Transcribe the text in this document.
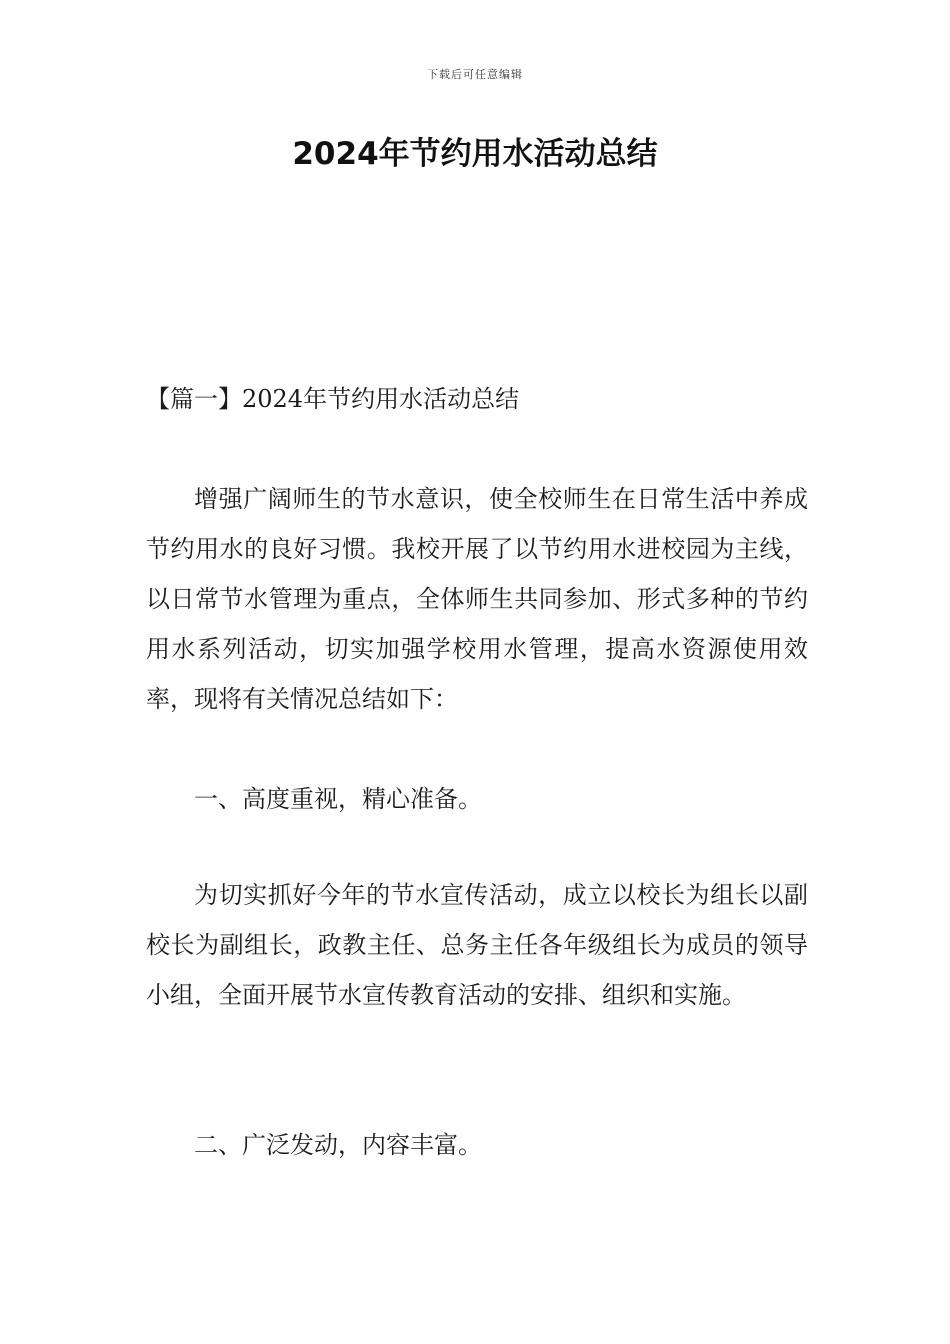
下载后可任意编辑
2024年节约用水活动总结
【篇一】2024年节约用水活动总结

增强广阔师生的节水意识，使全校师生在日常生活中养成节约用水的良好习惯。我校开展了以节约用水进校园为主线，以日常节水管理为重点，全体师生共同参加、形式多种的节约用水系列活动，切实加强学校用水管理，提高水资源使用效率，现将有关情况总结如下：

一、高度重视，精心准备。

为切实抓好今年的节水宣传活动，成立以校长为组长以副校长为副组长，政教主任、总务主任各年级组长为成员的领导小组，全面开展节水宣传教育活动的安排、组织和实施。

二、广泛发动，内容丰富。
